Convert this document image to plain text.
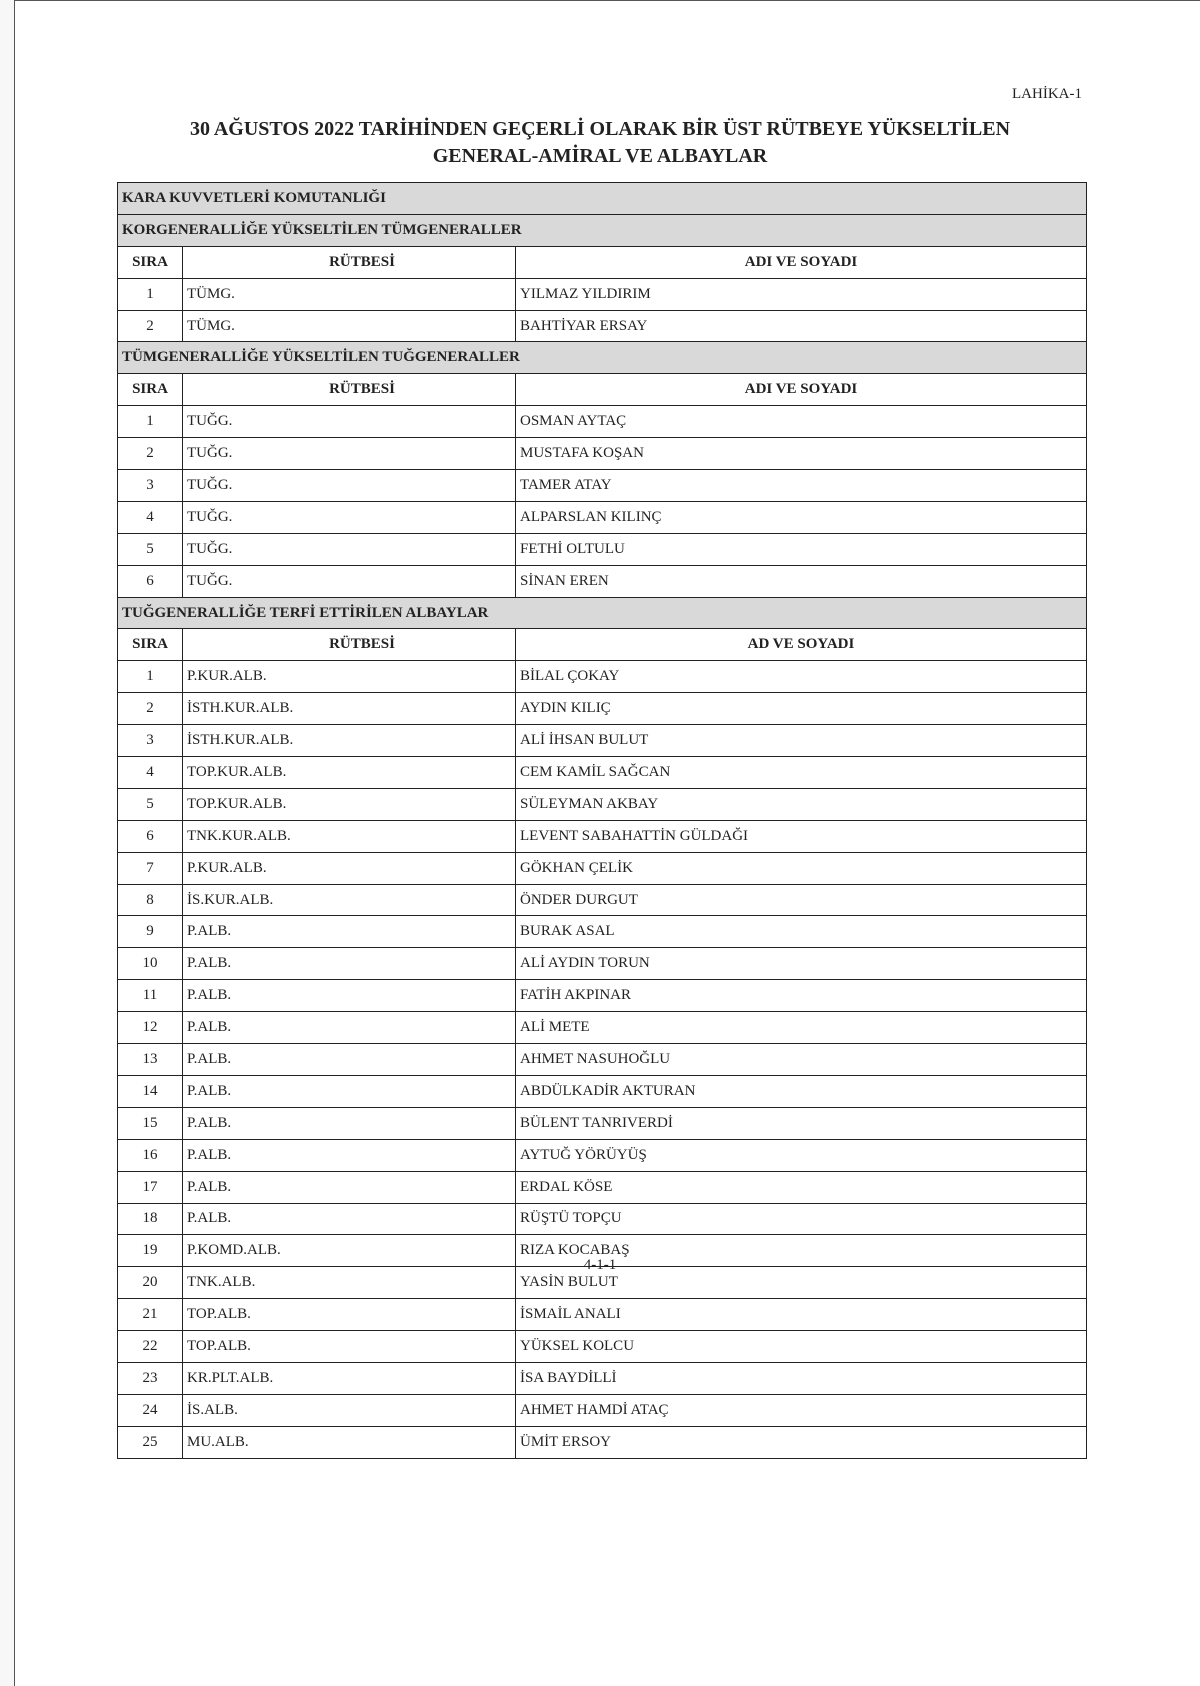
LAHİKA-1
30 AĞUSTOS 2022 TARİHİNDEN GEÇERLİ OLARAK BİR ÜST RÜTBEYE YÜKSELTİLEN
GENERAL-AMİRAL VE ALBAYLAR
KARA KUVVETLERİ KOMUTANLIĞI		
KORGENERALLİĞE YÜKSELTİLEN TÜMGENERALLER		
SIRA	RÜTBESİ	ADI VE SOYADI
1	TÜMG.	YILMAZ YILDIRIM
2	TÜMG.	BAHTİYAR ERSAY
TÜMGENERALLİĞE YÜKSELTİLEN TUĞGENERALLER		
SIRA	RÜTBESİ	ADI VE SOYADI
1	TUĞG.	OSMAN AYTAÇ
2	TUĞG.	MUSTAFA KOŞAN
3	TUĞG.	TAMER ATAY
4	TUĞG.	ALPARSLAN KILINÇ
5	TUĞG.	FETHİ OLTULU
6	TUĞG.	SİNAN EREN
TUĞGENERALLİĞE TERFİ ETTİRİLEN ALBAYLAR		
SIRA	RÜTBESİ	AD VE SOYADI
1	P.KUR.ALB.	BİLAL ÇOKAY
2	İSTH.KUR.ALB.	AYDIN KILIÇ
3	İSTH.KUR.ALB.	ALİ İHSAN BULUT
4	TOP.KUR.ALB.	CEM KAMİL SAĞCAN
5	TOP.KUR.ALB.	SÜLEYMAN AKBAY
6	TNK.KUR.ALB.	LEVENT SABAHATTİN GÜLDAĞI
7	P.KUR.ALB.	GÖKHAN ÇELİK
8	İS.KUR.ALB.	ÖNDER DURGUT
9	P.ALB.	BURAK ASAL
10	P.ALB.	ALİ AYDIN TORUN
11	P.ALB.	FATİH AKPINAR
12	P.ALB.	ALİ METE
13	P.ALB.	AHMET NASUHOĞLU
14	P.ALB.	ABDÜLKADİR AKTURAN
15	P.ALB.	BÜLENT TANRIVERDİ
16	P.ALB.	AYTUĞ YÖRÜYÜŞ
17	P.ALB.	ERDAL KÖSE
18	P.ALB.	RÜŞTÜ TOPÇU
19	P.KOMD.ALB.	RIZA KOCABAŞ
20	TNK.ALB.	YASİN BULUT
21	TOP.ALB.	İSMAİL ANALI
22	TOP.ALB.	YÜKSEL KOLCU
23	KR.PLT.ALB.	İSA BAYDİLLİ
24	İS.ALB.	AHMET HAMDİ ATAÇ
25	MU.ALB.	ÜMİT ERSOY
4-1-1
